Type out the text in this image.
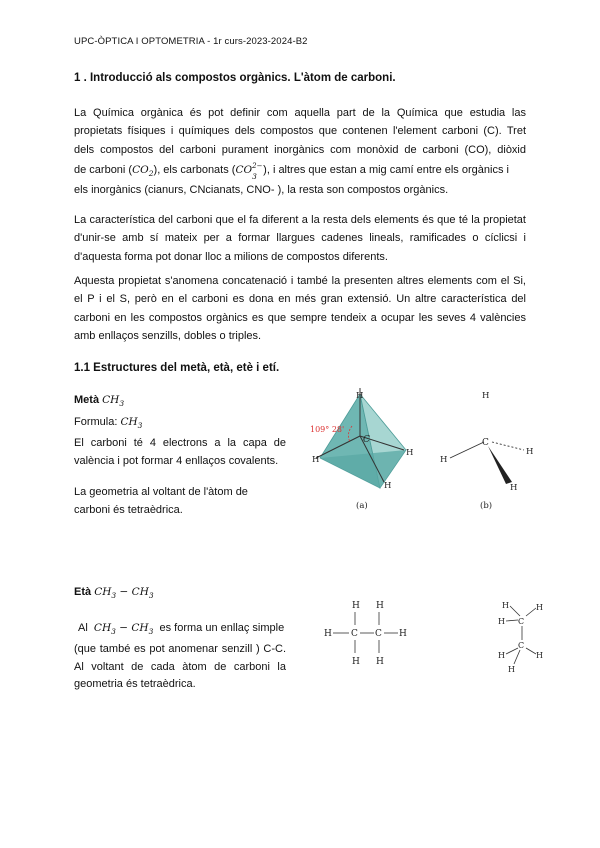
UPC-ÒPTICA I OPTOMETRIA - 1r curs-2023-2024-B2
1 . Introducció als compostos orgànics. L'àtom de carboni.
La Química orgànica és pot definir com aquella part de la Química que estudia las
propietats físiques i químiques dels compostos que contenen l'element carboni (C). Tret
dels compostos del carboni purament inorgànics com monòxid de carboni (CO), diòxid
de carboni $(CO_2)$, els carbonats (CO 2−
3
), i altres que estan a mig camí entre els orgànics i
els inorgànics (cianurs, CNcianats, CNO- ), la resta son compostos orgànics.

La característica del carboni que el fa diferent a la resta dels elements és que té la propietat d'unir-se amb sí mateix per a formar llargues cadenes lineals, ramificades o cíclicsi i d'aquesta forma pot donar lloc a milions de compostos diferents.

Aquesta propietat s'anomena concatenació i també la presenten altres elements com el Si, el P i el S, però en el carboni es dona en més gran extensió. Un altre característica del carboni en les compostos orgànics es que sempre tendeix a ocupar les seves 4 valències amb enllaços senzills, dobles o triples.

1.1 Estructures del metà, età, etè i etí.
Metà $CH_3$
Formula: $CH_3$

El carboni té 4 electrons a la capa de valència i pot formar 4 enllaços covalents.

La geometria al voltant de l'àtom de carboni és tetraèdrica.

109° 28'
C
H
H
H
H
(a)
H
C
H
H
H
(b)
Età $CH_3 - CH_3$
Al $CH_3 - CH_3$ es forma un enllaç simple

(que també es pot anomenar senzill ) C-C. Al voltant de cada àtom de carboni la geometria és tetraèdrica.

H H
H C C H
H H
H	H
H C
C
H	H
H
